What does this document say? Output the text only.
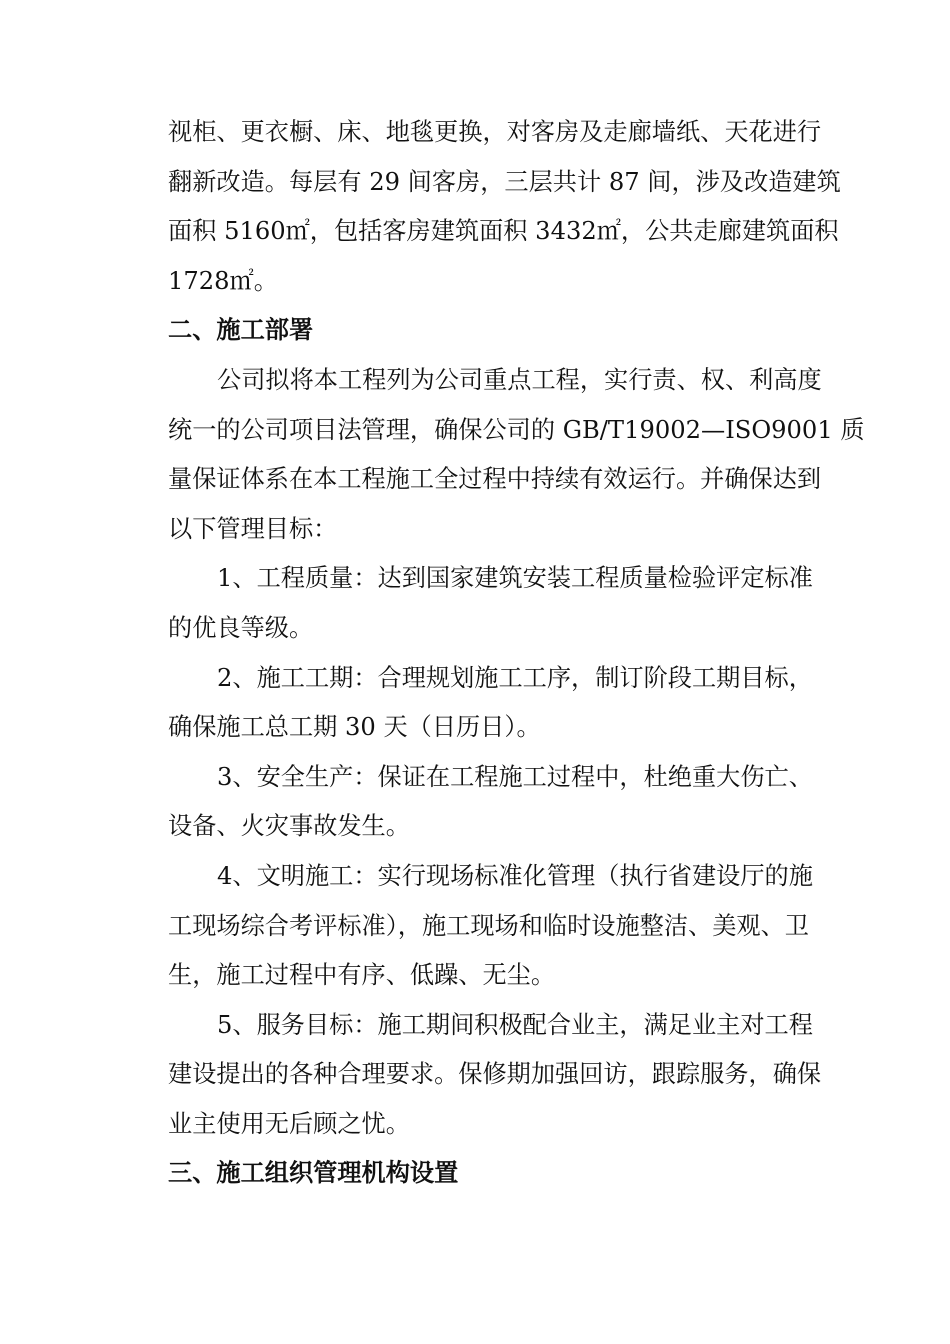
视柜、更衣橱、床、地毯更换，对客房及走廊墙纸、天花进行
翻新改造。每层有 29 间客房，三层共计 87 间，涉及改造建筑
面积 5160㎡，包括客房建筑面积 3432㎡，公共走廊建筑面积
1728㎡。

二、施工部署

公司拟将本工程列为公司重点工程，实行责、权、利高度
统一的公司项目法管理，确保公司的 GB/T19002—ISO9001 质
量保证体系在本工程施工全过程中持续有效运行。并确保达到
以下管理目标：

1、工程质量：达到国家建筑安装工程质量检验评定标准
的优良等级。

2、施工工期：合理规划施工工序，制订阶段工期目标，
确保施工总工期 30 天（日历日）。

3、安全生产：保证在工程施工过程中，杜绝重大伤亡、
设备、火灾事故发生。

4、文明施工：实行现场标准化管理（执行省建设厅的施
工现场综合考评标准），施工现场和临时设施整洁、美观、卫
生，施工过程中有序、低躁、无尘。

5、服务目标：施工期间积极配合业主，满足业主对工程
建设提出的各种合理要求。保修期加强回访，跟踪服务，确保
业主使用无后顾之忧。

三、施工组织管理机构设置
